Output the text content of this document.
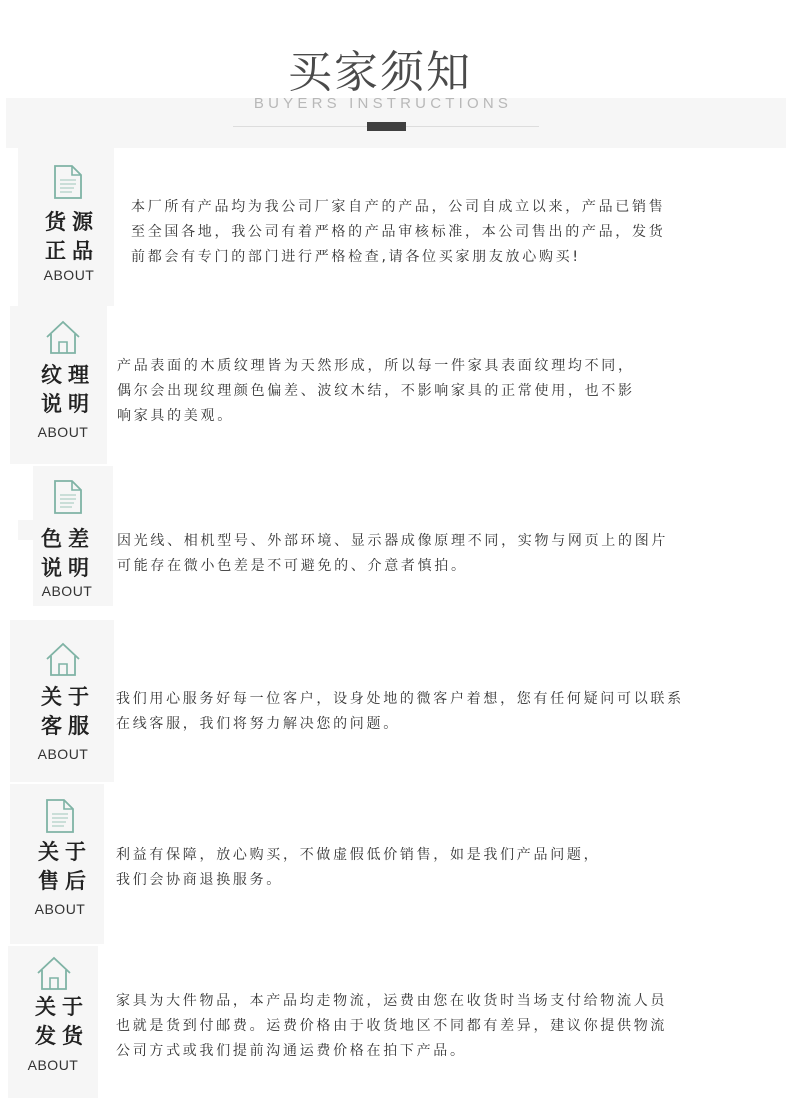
买家须知
BUYERS INSTRUCTIONS
货源
正品
ABOUT
本厂所有产品均为我公司厂家自产的产品，公司自成立以来，产品已销售
至全国各地，我公司有着严格的产品审核标准，本公司售出的产品，发货
前都会有专门的部门进行严格检查,请各位买家朋友放心购买!
纹理
说明
ABOUT
产品表面的木质纹理皆为天然形成，所以每一件家具表面纹理均不同，
偶尔会出现纹理颜色偏差、波纹木结，不影响家具的正常使用，也不影
响家具的美观。
色差
说明
ABOUT
因光线、相机型号、外部环境、显示器成像原理不同，实物与网页上的图片
可能存在微小色差是不可避免的、介意者慎拍。
关于
客服
ABOUT
我们用心服务好每一位客户，设身处地的微客户着想，您有任何疑问可以联系
在线客服，我们将努力解决您的问题。
关于
售后
ABOUT
利益有保障，放心购买，不做虚假低价销售，如是我们产品问题，
我们会协商退换服务。
关于
发货
ABOUT
家具为大件物品，本产品均走物流，运费由您在收货时当场支付给物流人员
也就是货到付邮费。运费价格由于收货地区不同都有差异，建议你提供物流
公司方式或我们提前沟通运费价格在拍下产品。
